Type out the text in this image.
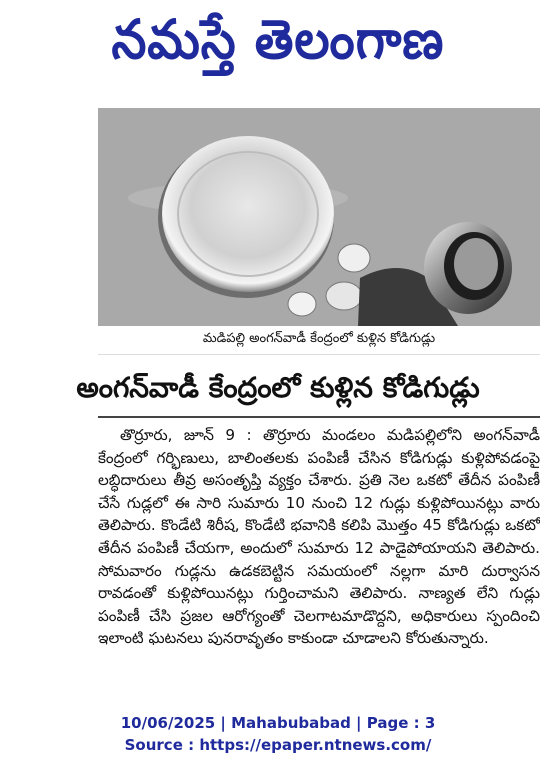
నమస్తే తెలంగాణ
మడిపల్లి అంగన్‌వాడీ కేంద్రంలో కుళ్లిన కోడిగుడ్లు
అంగన్‌వాడీ కేంద్రంలో కుళ్లిన కోడిగుడ్లు
తొర్రూరు, జూన్ 9 : తొర్రూరు మండలం మడిపల్లిలోని అంగన్‌వాడీ కేంద్రంలో గర్భిణులు, బాలింతలకు పంపిణీ చేసిన కోడిగుడ్లు కుళ్లిపోవడంపై లబ్ధిదారులు తీవ్ర అసంతృప్తి వ్యక్తం చేశారు. ప్రతి నెల ఒకటో తేదీన పంపిణీ చేసే గుడ్లలో ఈ సారి సుమారు 10 నుంచి 12 గుడ్లు కుళ్లిపోయినట్లు వారు తెలిపారు. కొండేటి శిరీష, కొండేటి భవానికి కలిపి మొత్తం 45 కోడిగుడ్లు ఒకటో తేదీన పంపిణీ చేయగా, అందులో సుమారు 12 పాడైపోయాయని తెలిపారు. సోమవారం గుడ్లను ఉడకబెట్టిన సమయంలో నల్లగా మారి దుర్వాసన రావడంతో కుళ్లిపోయినట్లు గుర్తించామని తెలిపారు. నాణ్యత లేని గుడ్లు పంపిణీ చేసి ప్రజల ఆరోగ్యంతో చెలగాటమాడొద్దని, అధికారులు స్పందించి ఇలాంటి ఘటనలు పునరావృతం కాకుండా చూడాలని కోరుతున్నారు.
10/06/2025 | Mahabubabad | Page : 3
Source : https://epaper.ntnews.com/
